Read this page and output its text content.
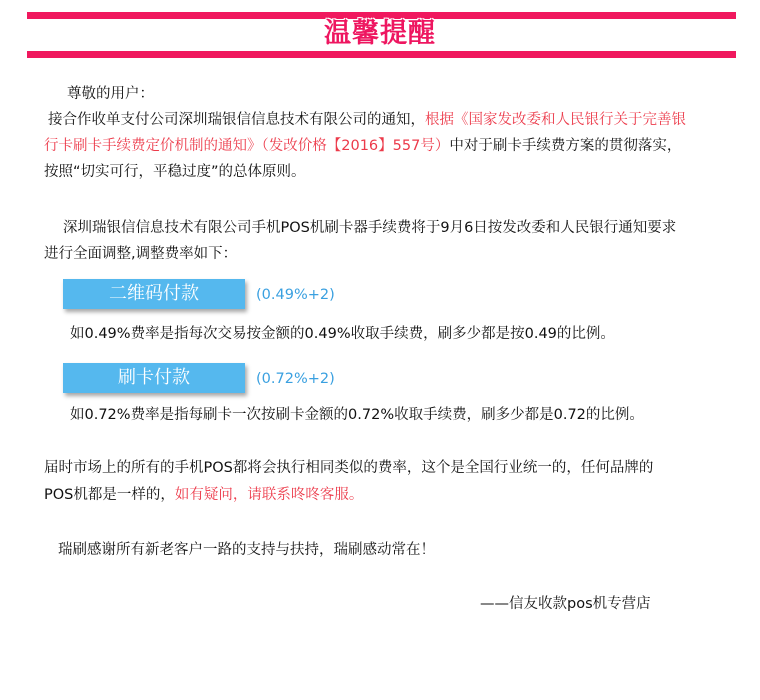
温馨提醒
尊敬的用户：
接合作收单支付公司深圳瑞银信信息技术有限公司的通知，根据《国家发改委和人民银行关于完善银
行卡刷卡手续费定价机制的通知》（发改价格【2016】557号）中对于刷卡手续费方案的贯彻落实，
按照“切实可行，平稳过度”的总体原则。
深圳瑞银信信息技术有限公司手机POS机刷卡器手续费将于9月6日按发改委和人民银行通知要求
进行全面调整,调整费率如下：
二维码付款	(0.49%+2)
如0.49%费率是指每次交易按金额的0.49%收取手续费，刷多少都是按0.49的比例。
刷卡付款	(0.72%+2)
如0.72%费率是指每刷卡一次按刷卡金额的0.72%收取手续费，刷多少都是0.72的比例。
届时市场上的所有的手机POS都将会执行相同类似的费率，这个是全国行业统一的，任何品牌的
POS机都是一样的，如有疑问，请联系咚咚客服。
瑞刷感谢所有新老客户一路的支持与扶持，瑞刷感动常在！
——信友收款pos机专营店
